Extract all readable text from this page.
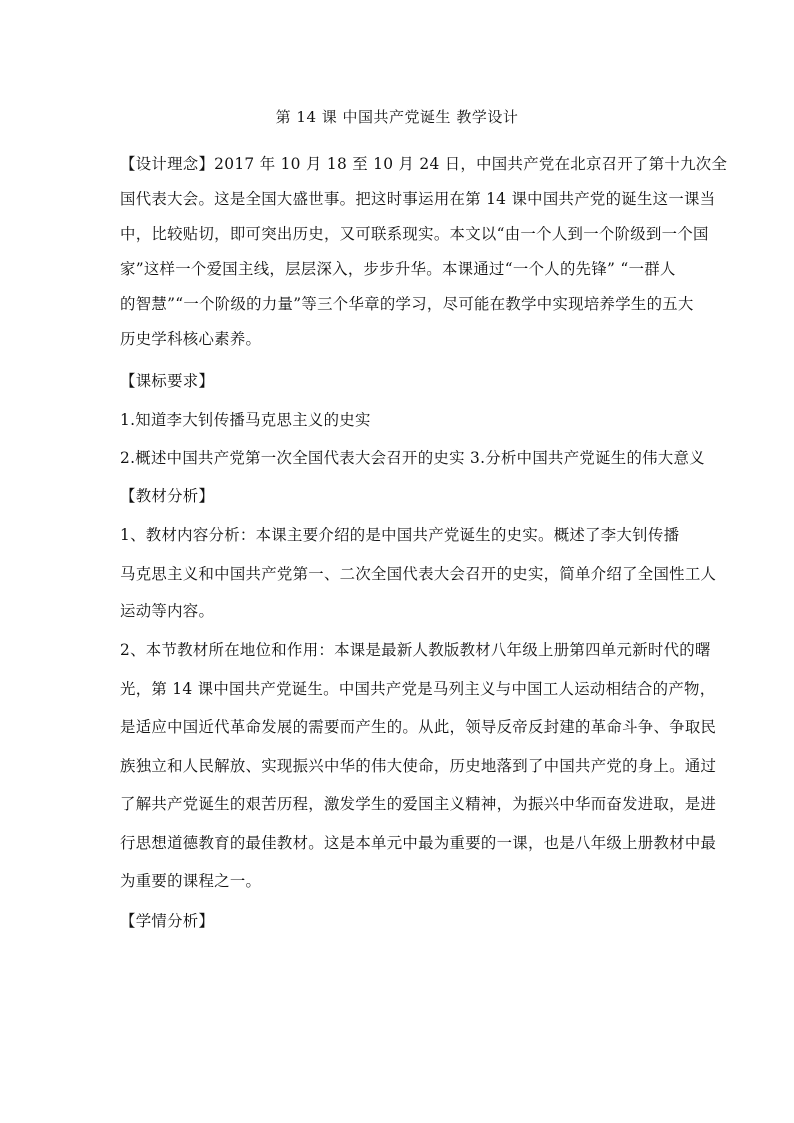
第 14 课 中国共产党诞生 教学设计
【设计理念】2017 年 10 月 18 至 10 月 24 日，中国共产党在北京召开了第十九次全
国代表大会。这是全国大盛世事。把这时事运用在第 14 课中国共产党的诞生这一课当
中，比较贴切，即可突出历史，又可联系现实。本文以“由一个人到一个阶级到一个国
家”这样一个爱国主线，层层深入，步步升华。本课通过“一个人的先锋” “一群人
的智慧”“一个阶级的力量”等三个华章的学习，尽可能在教学中实现培养学生的五大
历史学科核心素养。
【课标要求】
1.知道李大钊传播马克思主义的史实
2.概述中国共产党第一次全国代表大会召开的史实 3.分析中国共产党诞生的伟大意义
【教材分析】
1、教材内容分析：本课主要介绍的是中国共产党诞生的史实。概述了李大钊传播
马克思主义和中国共产党第一、二次全国代表大会召开的史实，简单介绍了全国性工人
运动等内容。
2、本节教材所在地位和作用：本课是最新人教版教材八年级上册第四单元新时代的曙
光，第 14 课中国共产党诞生。中国共产党是马列主义与中国工人运动相结合的产物，
是适应中国近代革命发展的需要而产生的。从此，领导反帝反封建的革命斗争、争取民
族独立和人民解放、实现振兴中华的伟大使命，历史地落到了中国共产党的身上。通过
了解共产党诞生的艰苦历程，激发学生的爱国主义精神，为振兴中华而奋发进取，是进
行思想道德教育的最佳教材。这是本单元中最为重要的一课，也是八年级上册教材中最
为重要的课程之一。
【学情分析】
